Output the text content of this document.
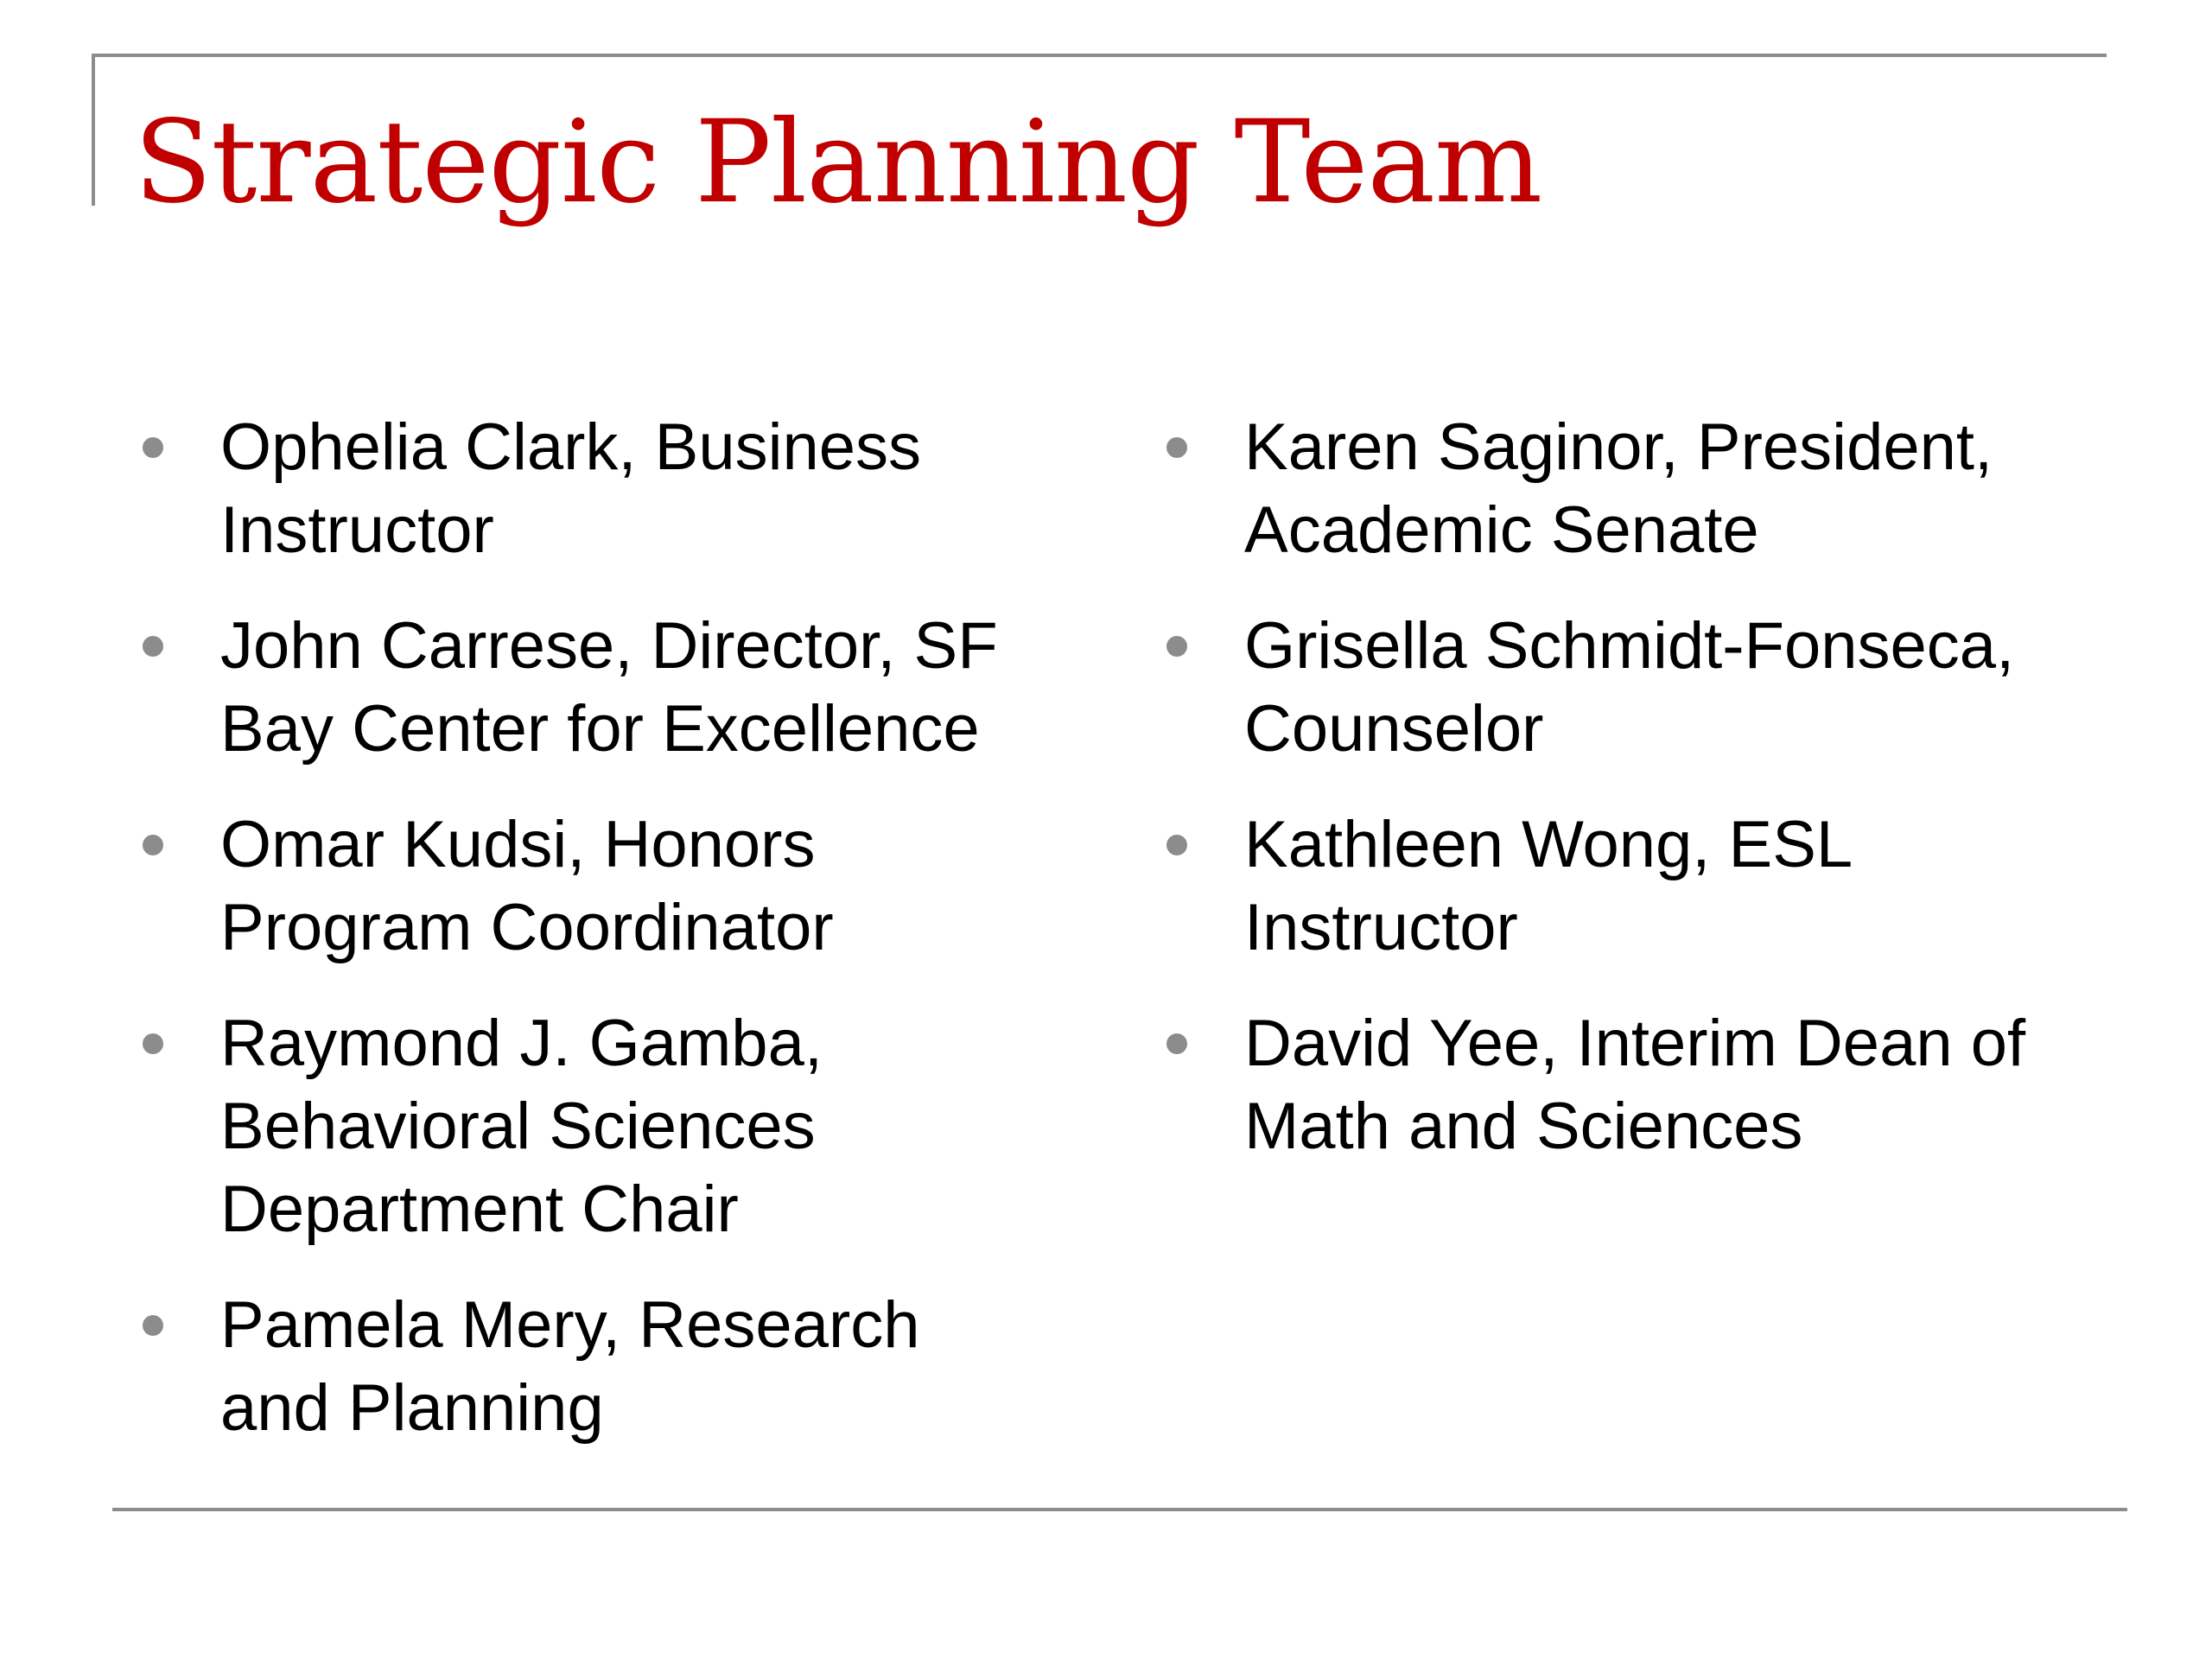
Strategic Planning Team
Ophelia Clark, Business
Instructor
John Carrese, Director, SF
Bay Center for Excellence
Omar Kudsi, Honors
Program Coordinator
Raymond J. Gamba,
Behavioral Sciences
Department Chair
Pamela Mery, Research
and Planning
Karen Saginor, President,
Academic Senate
Grisella Schmidt-Fonseca,
Counselor
Kathleen Wong, ESL
Instructor
David Yee, Interim Dean of
Math and Sciences
